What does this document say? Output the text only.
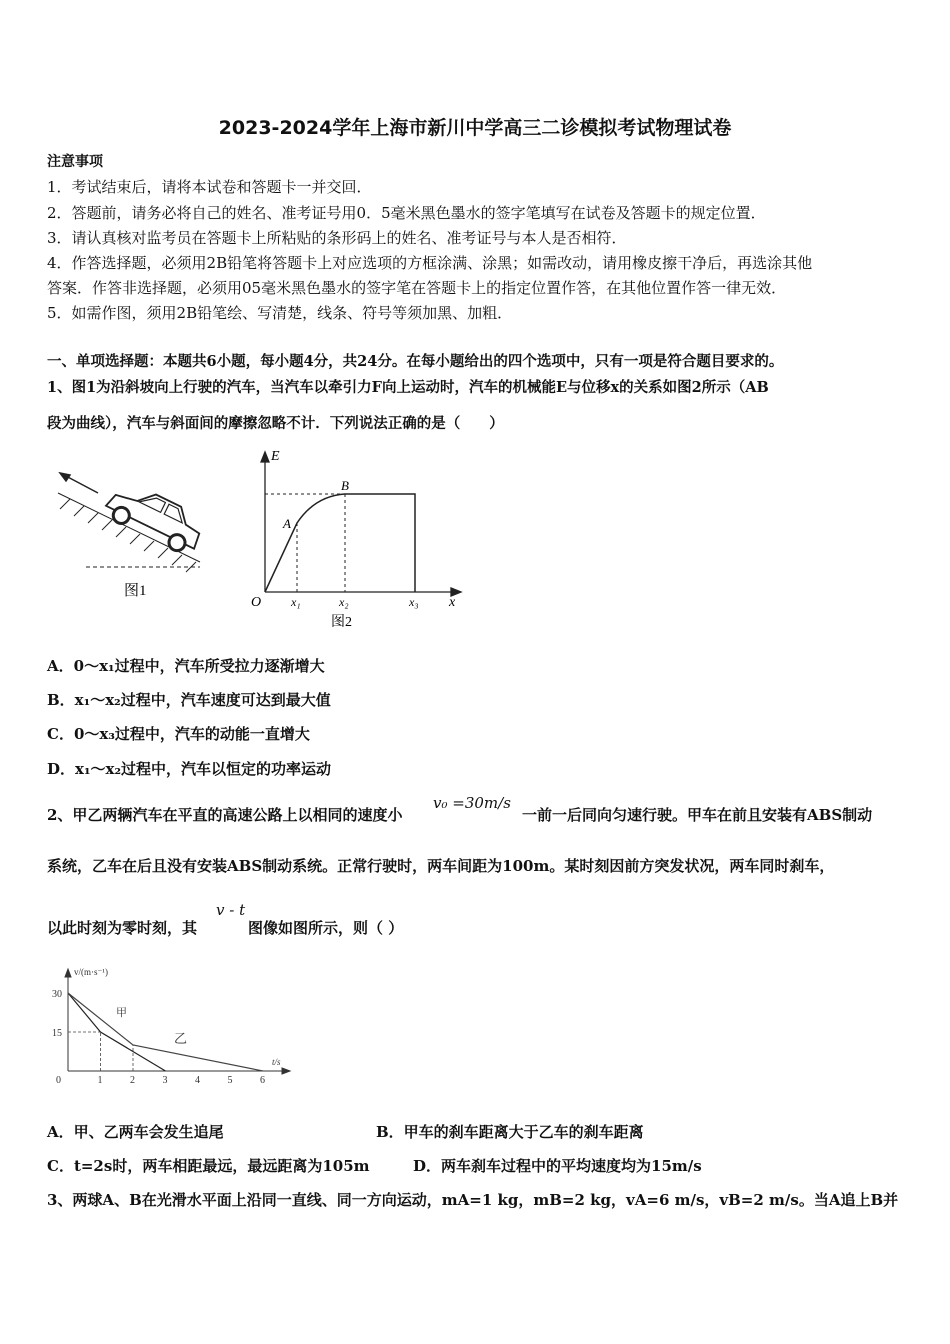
2023-2024学年上海市新川中学高三二诊模拟考试物理试卷
注意事项
1．考试结束后，请将本试卷和答题卡一并交回．
2．答题前，请务必将自己的姓名、准考证号用0．5毫米黑色墨水的签字笔填写在试卷及答题卡的规定位置．
3．请认真核对监考员在答题卡上所粘贴的条形码上的姓名、准考证号与本人是否相符．
4．作答选择题，必须用2B铅笔将答题卡上对应选项的方框涂满、涂黑；如需改动，请用橡皮擦干净后，再选涂其他
答案．作答非选择题，必须用05毫米黑色墨水的签字笔在答题卡上的指定位置作答，在其他位置作答一律无效．
5．如需作图，须用2B铅笔绘、写清楚，线条、符号等须加黑、加粗．
一、单项选择题：本题共6小题，每小题4分，共24分。在每小题给出的四个选项中，只有一项是符合题目要求的。
1、图1为沿斜坡向上行驶的汽车，当汽车以牵引力F向上运动时，汽车的机械能E与位移x的关系如图2所示（AB
段为曲线），汽车与斜面间的摩擦忽略不计．下列说法正确的是（　　）
图1
E
x
O
A
B
x₁	x₂	x₃
图2
A．0～x₁过程中，汽车所受拉力逐渐增大
B．x₁～x₂过程中，汽车速度可达到最大值
C．0～x₃过程中，汽车的动能一直增大
D．x₁～x₂过程中，汽车以恒定的功率运动
2、甲乙两辆汽车在平直的高速公路上以相同的速度小
v₀ =30m/s
一前一后同向匀速行驶。甲车在前且安装有ABS制动
系统，乙车在后且没有安装ABS制动系统。正常行驶时，两车间距为100m。某时刻因前方突发状况，两车同时刹车，
以此时刻为零时刻，其
v - t
图像如图所示，则（ ）
0	1	2	3	4	5	6
30
15
v/(m·s⁻¹)
t/s
甲
乙
A．甲、乙两车会发生追尾	B．甲车的刹车距离大于乙车的刹车距离
C．t=2s时，两车相距最远，最远距离为105m	D．两车刹车过程中的平均速度均为15m/s
3、两球A、B在光滑水平面上沿同一直线、同一方向运动，mA=1 kg，mB=2 kg，vA=6 m/s，vB=2 m/s。当A追上B并
